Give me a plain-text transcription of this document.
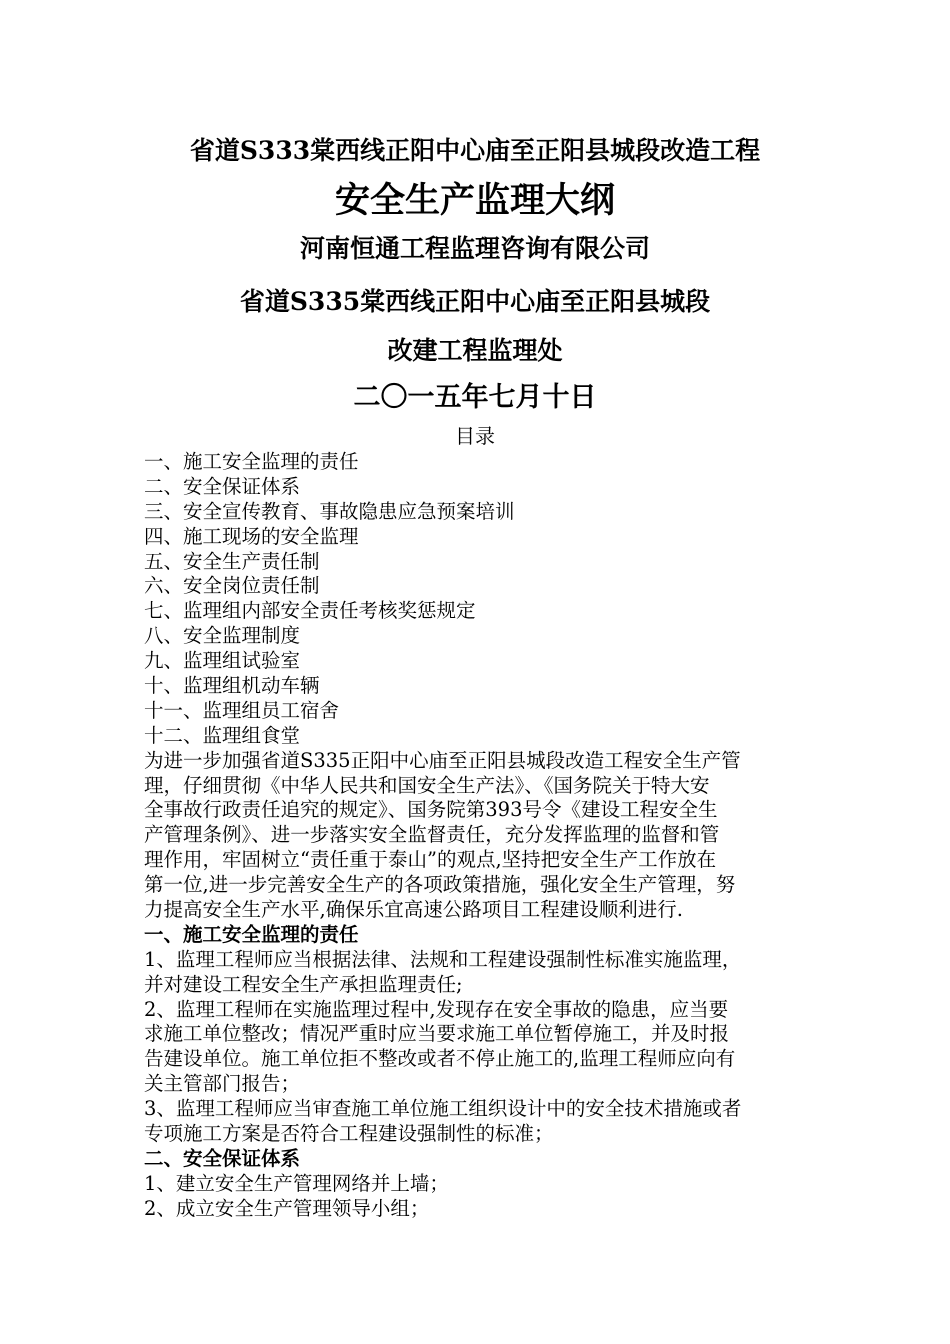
省道S333棠西线正阳中心庙至正阳县城段改造工程
安全生产监理大纲
河南恒通工程监理咨询有限公司
省道S335棠西线正阳中心庙至正阳县城段
改建工程监理处
二〇一五年七月十日
目录
一、施工安全监理的责任
二、安全保证体系
三、安全宣传教育、事故隐患应急预案培训
四、施工现场的安全监理
五、安全生产责任制
六、安全岗位责任制
七、监理组内部安全责任考核奖惩规定
八、安全监理制度
九、监理组试验室
十、监理组机动车辆
十一、监理组员工宿舍
十二、监理组食堂
为进一步加强省道S335正阳中心庙至正阳县城段改造工程安全生产管
理，仔细贯彻《中华人民共和国安全生产法》、《国务院关于特大安
全事故行政责任追究的规定》、国务院第393号令《建设工程安全生
产管理条例》、进一步落实安全监督责任，充分发挥监理的监督和管
理作用，牢固树立“责任重于泰山”的观点,坚持把安全生产工作放在
第一位,进一步完善安全生产的各项政策措施，强化安全生产管理，努
力提高安全生产水平,确保乐宜高速公路项目工程建设顺利进行.
一、施工安全监理的责任
1、监理工程师应当根据法律、法规和工程建设强制性标准实施监理，
并对建设工程安全生产承担监理责任;
2、监理工程师在实施监理过程中,发现存在安全事故的隐患，应当要
求施工单位整改；情况严重时应当要求施工单位暂停施工，并及时报
告建设单位。施工单位拒不整改或者不停止施工的,监理工程师应向有
关主管部门报告；
3、监理工程师应当审查施工单位施工组织设计中的安全技术措施或者
专项施工方案是否符合工程建设强制性的标准；
二、安全保证体系
1、建立安全生产管理网络并上墙；
2、成立安全生产管理领导小组；
